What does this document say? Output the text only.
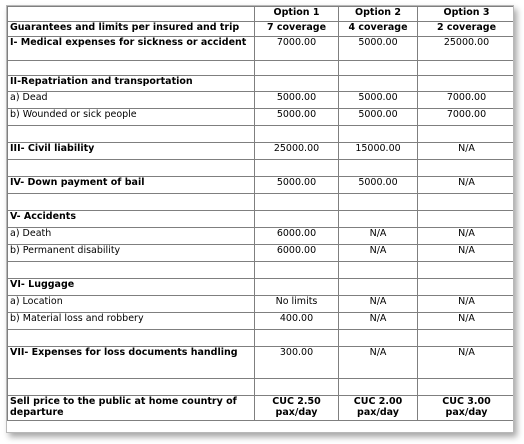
	Option 1	Option 2	Option 3
Guarantees and limits per insured and trip	7 coverage	4 coverage	2 coverage
I- Medical expenses for sickness or accident	7000.00	5000.00	25000.00

II-Repatriation and transportation			
a) Dead	5000.00	5000.00	7000.00
b) Wounded or sick people	5000.00	5000.00	7000.00

III- Civil liability	25000.00	15000.00	N/A

IV- Down payment of bail	5000.00	5000.00	N/A

V- Accidents			
a) Death	6000.00	N/A	N/A
b) Permanent disability	6000.00	N/A	N/A

VI- Luggage			
a) Location	No limits	N/A	N/A
b) Material loss and robbery	400.00	N/A	N/A

VII- Expenses for loss documents handling	300.00	N/A	N/A

Sell price to the public at home country of departure	CUC 2.50 pax/day	CUC 2.00 pax/day	CUC 3.00 pax/day
